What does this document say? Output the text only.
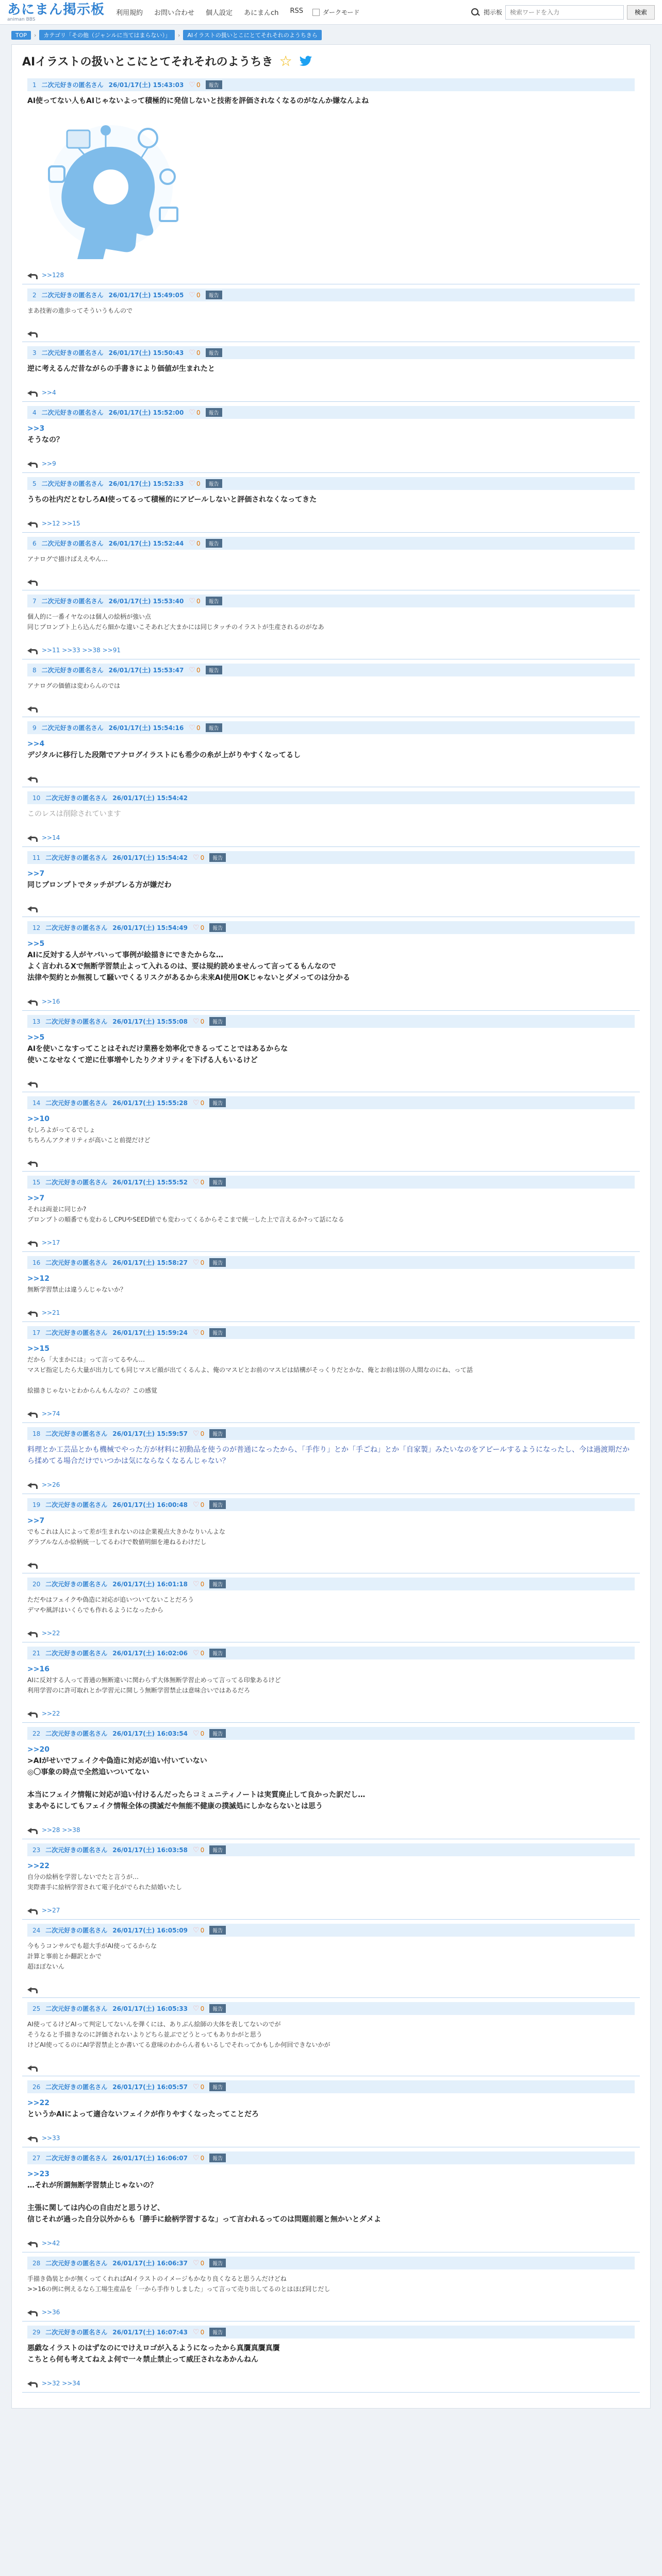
あにまん掲示板
animan BBS
利用規約 お問い合わせ 個人設定 あにまんch RSS	ダークモード	掲示板
検索ワードを入力	検索
TOP	›	カテゴリ「その他（ジャンルに当てはまらない）」	›	AIイラストの扱いとこにとてそれそれのようちきら
AIイラストの扱いとこにとてそれそれのようちき ☆
1 二次元好きの匿名さん 26/01/17(土) 15:43:03 ♡ 0	報告
AI使ってない人もAIじゃないよって積極的に発信しないと技術を評価されなくなるのがなんか嫌なんよね
>>128
2 二次元好きの匿名さん 26/01/17(土) 15:49:05 ♡ 0	報告
まあ技術の進歩ってそういうもんので
3 二次元好きの匿名さん 26/01/17(土) 15:50:43 ♡ 0	報告
逆に考えるんだ昔ながらの手書きにより価値が生まれたと
>>4
4 二次元好きの匿名さん 26/01/17(土) 15:52:00 ♡ 0	報告
>>3
そうなの？
>>9
5 二次元好きの匿名さん 26/01/17(土) 15:52:33 ♡ 0	報告
うちの社内だとむしろAI使ってるって積極的にアピールしないと評価されなくなってきた
>>12 >>15
6 二次元好きの匿名さん 26/01/17(土) 15:52:44 ♡ 0	報告
アナログで描けばええやん…
7 二次元好きの匿名さん 26/01/17(土) 15:53:40 ♡ 0	報告
個人的に一番イヤなのは個人の絵柄が強い点
同じプロンプト上ら込んだら細かな違いこそあれど大まかには同じタッチのイラストが生産されるのがなあ
>>11 >>33 >>38 >>91
8 二次元好きの匿名さん 26/01/17(土) 15:53:47 ♡ 0	報告
アナログの価値は変わらんのでは
9 二次元好きの匿名さん 26/01/17(土) 15:54:16 ♡ 0	報告
>>4
デジタルに移行した段階でアナログイラストにも希少の糸が上がりやすくなってるし
10 二次元好きの匿名さん 26/01/17(土) 15:54:42
このレスは削除されています
>>14
11 二次元好きの匿名さん 26/01/17(土) 15:54:42 ♡ 0	報告
>>7
同じプロンプトでタッチがブレる方が嫌だわ
12 二次元好きの匿名さん 26/01/17(土) 15:54:49 ♡ 0	報告
>>5
AIに反対する人がヤバいって事例が絵描きにできたからな…
よく言われるXで無断学習禁止よって入れるのは、要は規約読めませんって言ってるもんなので
法律や契約とか無視して騒いでくるリスクがあるから未来AI使用OKじゃないとダメってのは分かる
>>16
13 二次元好きの匿名さん 26/01/17(土) 15:55:08 ♡ 0	報告
>>5
AIを使いこなすってことはそれだけ業務を効率化できるってことではあるからな
使いこなせなくて逆に仕事増やしたりクオリティを下げる人もいるけど
14 二次元好きの匿名さん 26/01/17(土) 15:55:28 ♡ 0	報告
>>10
むしろよがってるでしょ
ちちろんアクオリティが高いこと前提だけど
15 二次元好きの匿名さん 26/01/17(土) 15:55:52 ♡ 0	報告
>>7
それは両並に同じか?
プロンプトの順番でも変わるしCPUやSEED値でも変わってくるからそこまで統一した上で言えるか?って話になる
>>17
16 二次元好きの匿名さん 26/01/17(土) 15:58:27 ♡ 0	報告
>>12
無断学習禁止は違うんじゃないか？
>>21
17 二次元好きの匿名さん 26/01/17(土) 15:59:24 ♡ 0	報告
>>15
だから「大まかには」って言ってるやん…
マスピ指定したら大量が出力しても同じマスピ顔が出てくるんよ、俺のマスピとお前のマスピは結構がそっくりだとかな、俺とお前は別の人間なのにね、って話

絵描きじゃないとわからんもんなの？この感覚
>>74
18 二次元好きの匿名さん 26/01/17(土) 15:59:57 ♡ 0	報告
料理とか工芸品とかも機械でやった方が材料に初動品を使うのが普通になったから、「手作り」とか「手ごね」とか「自家製」みたいなのをアピールするようになったし、今は過渡期だから揉めてる場合だけでいつかは気にならなくなるんじゃない？
>>26
19 二次元好きの匿名さん 26/01/17(土) 16:00:48 ♡ 0	報告
>>7
でもこれは人によって差が生まれないのは企業視点大きかなりいんよな
グラブルなんか絵柄統一してるわけで数値明細を連ねるわけだし
20 二次元好きの匿名さん 26/01/17(土) 16:01:18 ♡ 0	報告
ただやはフェイクや偽造に対応が追いついてないことだろう
デマや風評はいくらでも作れるようになったから
>>22
21 二次元好きの匿名さん 26/01/17(土) 16:02:06 ♡ 0	報告
>>16
AIに反対する人って普通の無断違いに関わらず大体無断学習止めって言ってる印象あるけど
利用学習のに許可取れとか学習元に開しう無断学習禁止は意味合いではあるだろ
>>22
22 二次元好きの匿名さん 26/01/17(土) 16:03:54 ♡ 0	報告
>>20
>AIがせいでフェイクや偽造に対応が追い付いていない
◎〇事象の時点で全然追いついてない

本当にフェイク情報に対応が追い付けるんだったらコミュニティノートは実質廃止して良かった訳だし…
まあやるにしてもフェイク情報全体の撲滅だや無能不健康の撲滅処にしかならないとは思う
>>28 >>38
23 二次元好きの匿名さん 26/01/17(土) 16:03:58 ♡ 0	報告
>>22
自分の絵柄を学習しないでたと言うが…
実際書手に絵柄学習されて電子化がでられた結婚いたし
>>27
24 二次元好きの匿名さん 26/01/17(土) 16:05:09 ♡ 0	報告
今もうコンサルでも超大手がAI使ってるからな
計算と事前とか翻訳とかで
超ほぼないん
25 二次元好きの匿名さん 26/01/17(土) 16:05:33 ♡ 0	報告
AI使ってるけどAIって判定してないんを弾くには、ありぶん絵師の大体を表してないのでが
そうなると手描きなのに評価されないよりどちら並ぶでどうとってもありかがと思う
けどAI使ってるのにAI学習禁止とか書いてる意味のわからん者もいるしでそれってかもしか何回できないかが
26 二次元好きの匿名さん 26/01/17(土) 16:05:57 ♡ 0	報告
>>22
というかAIによって適合ないフェイクが作りやすくなったってことだろ
>>33
27 二次元好きの匿名さん 26/01/17(土) 16:06:07 ♡ 0	報告
>>23
…それが所謂無断学習禁止じゃないの？

主張に関しては内心の自由だと思うけど、
信じそれが過った自分以外からも「勝手に絵柄学習するな」って言われるってのは問題前題と無かいとダメよ
>>42
28 二次元好きの匿名さん 26/01/17(土) 16:06:37 ♡ 0	報告
手描き偽装とかが無くってくれればAIイラストのイメージもかなり良くなると思うんだけどね
>>16の例に例えるなら工場生産品を「一から手作りしました」って言って売り出してるのとはほぼ同じだし
>>36
29 二次元好きの匿名さん 26/01/17(土) 16:07:43 ♡ 0	報告
悪戯なイラストのはずなのにでけえロゴが入るようになったから真贋真贋真贋
こちとら何も考えてねえよ何で一々禁止禁止って威圧されなあかんねん
>>32 >>34
